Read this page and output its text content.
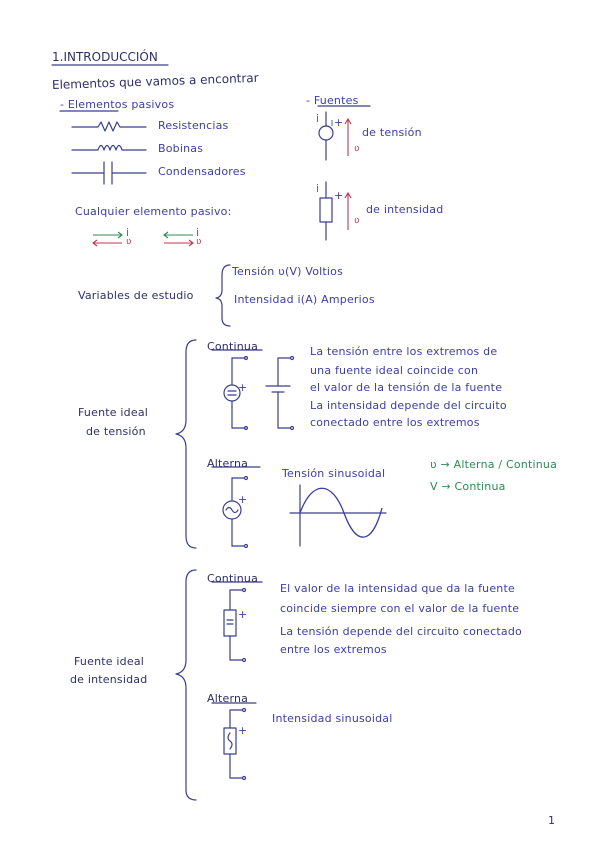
1.INTRODUCCIÓN
Elementos que vamos a encontrar
- Elementos pasivos
Resistencias
Bobinas
Condensadores
Cualquier elemento pasivo:
i
ʋ
i
ʋ
- Fuentes
i +
ʋ
de tensión
i
+
ʋ
de intensidad
Variables de estudio
Tensión ʋ(V) Voltios
Intensidad i(A) Amperios
Fuente ideal
de tensión
Continua
+
La tensión entre los extremos de
una fuente ideal coincide con
el valor de la tensión de la fuente
La intensidad depende del circuito
conectado entre los extremos
Alterna
+
Tensión sinusoidal
ʋ → Alterna / Continua
V → Continua
Fuente ideal
de intensidad
Continua
+
El valor de la intensidad que da la fuente
coincide siempre con el valor de la fuente
La tensión depende del circuito conectado
entre los extremos
Alterna
+
Intensidad sinusoidal
1
